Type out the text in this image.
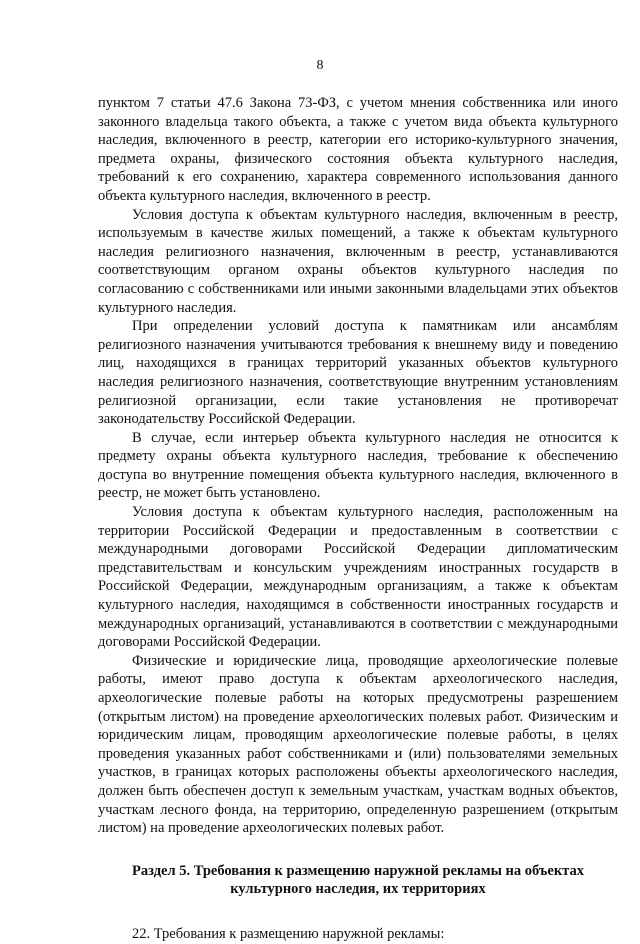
8

пунктом 7 статьи 47.6 Закона 73-ФЗ, с учетом мнения собственника или иного законного владельца такого объекта, а также с учетом вида объекта культурного наследия, включенного в реестр, категории его историко-культурного значения, предмета охраны, физического состояния объекта культурного наследия, требований к его сохранению, характера современного использования данного объекта культурного наследия, включенного в реестр.

Условия доступа к объектам культурного наследия, включенным в реестр, используемым в качестве жилых помещений, а также к объектам культурного наследия религиозного назначения, включенным в реестр, устанавливаются соответствующим органом охраны объектов культурного наследия по согласованию с собственниками или иными законными владельцами этих объектов культурного наследия.

При определении условий доступа к памятникам или ансамблям религиозного назначения учитываются требования к внешнему виду и поведению лиц, находящихся в границах территорий указанных объектов культурного наследия религиозного назначения, соответствующие внутренним установлениям религиозной организации, если такие установления не противоречат законодательству Российской Федерации.

В случае, если интерьер объекта культурного наследия не относится к предмету охраны объекта культурного наследия, требование к обеспечению доступа во внутренние помещения объекта культурного наследия, включенного в реестр, не может быть установлено.

Условия доступа к объектам культурного наследия, расположенным на территории Российской Федерации и предоставленным в соответствии с международными договорами Российской Федерации дипломатическим представительствам и консульским учреждениям иностранных государств в Российской Федерации, международным организациям, а также к объектам культурного наследия, находящимся в собственности иностранных государств и международных организаций, устанавливаются в соответствии с международными договорами Российской Федерации.

Физические и юридические лица, проводящие археологические полевые работы, имеют право доступа к объектам археологического наследия, археологические полевые работы на которых предусмотрены разрешением (открытым листом) на проведение археологических полевых работ. Физическим и юридическим лицам, проводящим археологические полевые работы, в целях проведения указанных работ собственниками и (или) пользователями земельных участков, в границах которых расположены объекты археологического наследия, должен быть обеспечен доступ к земельным участкам, участкам водных объектов, участкам лесного фонда, на территорию, определенную разрешением (открытым листом) на проведение археологических полевых работ.

Раздел 5. Требования к размещению наружной рекламы на объектах культурного наследия, их территориях

22. Требования к размещению наружной рекламы:
